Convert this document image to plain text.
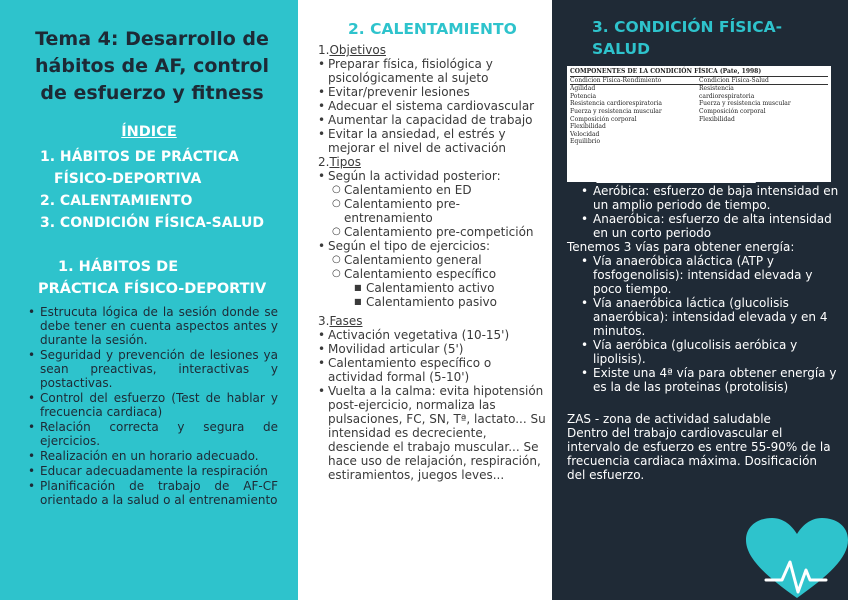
Tema 4: Desarrollo de
hábitos de AF, control
de esfuerzo y fitness
ÍNDICE
1. HÁBITOS DE PRÁCTICA
FÍSICO-DEPORTIVA
2. CALENTAMIENTO
3. CONDICIÓN FÍSICA-SALUD
1. HÁBITOS DE
PRÁCTICA FÍSICO-DEPORTIV
• Estrucuta lógica de la sesión donde se debe tener en cuenta aspectos antes y durante la sesión.
• Seguridad y prevención de lesiones ya sean preactivas, interactivas y postactivas.
• Control del esfuerzo (Test de hablar y frecuencia cardiaca)
• Relación correcta y segura de ejercicios.
• Realización en un horario adecuado.
• Educar adecuadamente la respiración
• Planificación de trabajo de AF-CF orientado a la salud o al entrenamiento
2. CALENTAMIENTO
1.Objetivos
• Preparar física, fisiológica y psicológicamente al sujeto
• Evitar/prevenir lesiones
• Adecuar el sistema cardiovascular
• Aumentar la capacidad de trabajo
• Evitar la ansiedad, el estrés y mejorar el nivel de activación
2.Tipos
• Según la actividad posterior:
○ Calentamiento en ED
○ Calentamiento pre-entrenamiento
○ Calentamiento pre-competición
• Según el tipo de ejercicios:
○ Calentamiento general
○ Calentamiento específico
■ Calentamiento activo
■ Calentamiento pasivo
3.Fases
• Activación vegetativa (10-15')
• Movilidad articular (5')
• Calentamiento específico o actividad formal (5-10')
• Vuelta a la calma: evita hipotensión post-ejercicio, normaliza las pulsaciones, FC, SN, Tª, lactato... Su intensidad es decreciente, desciende el trabajo muscular... Se hace uso de relajación, respiración, estiramientos, juegos leves...
3. CONDICIÓN FÍSICA-
SALUD
COMPONENTES DE LA CONDICIÓN FÍSICA (Pate, 1998)
Condicion Física-Rendimiento	Condicion Física-Salud
Agilidad
Potencia
Resistencia cardiorespiratoria
Fuerza y resistencia muscular
Composición corporal
Flexibilidad
Velocidad
Equilibrio
Resistencia
cardiorespiratoria
Fuerza y resistencia muscular
Composición corporal
Flexibilidad
1.Resistencia cardiovascular
• Aeróbica: esfuerzo de baja intensidad en un amplio periodo de tiempo.
• Anaeróbica: esfuerzo de alta intensidad en un corto periodo
Tenemos 3 vías para obtener energía:
• Vía anaeróbica aláctica (ATP y fosfogenolisis): intensidad elevada y poco tiempo.
• Vía anaeróbica láctica (glucolisis anaeróbica): intensidad elevada y en 4 minutos.
• Vía aeróbica (glucolisis aeróbica y lipolisis).
• Existe una 4ª vía para obtener energía y es la de las proteinas (protolisis)
ZAS - zona de actividad saludable
Dentro del trabajo cardiovascular el intervalo de esfuerzo es entre 55-90% de la frecuencia cardiaca máxima. Dosificación del esfuerzo.
